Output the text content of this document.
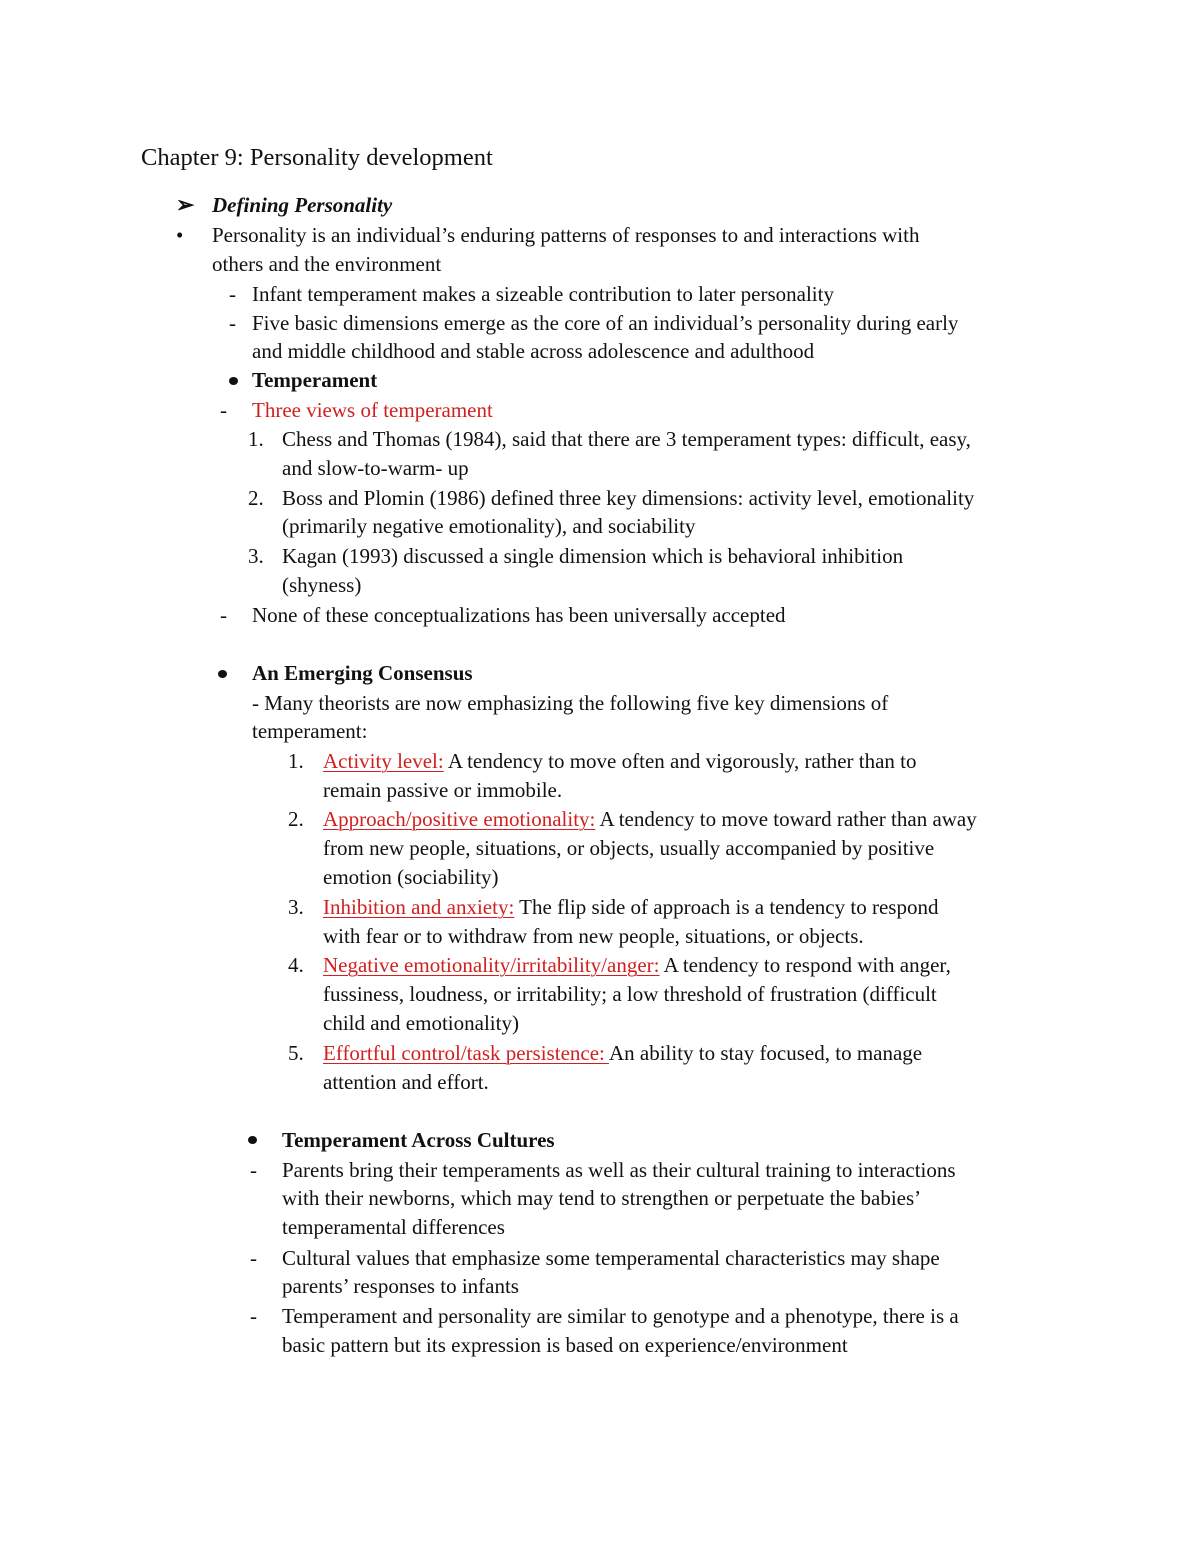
Chapter 9: Personality development
➢ Defining Personality
• Personality is an individual’s enduring patterns of responses to and interactions with
others and the environment
- Infant temperament makes a sizeable contribution to later personality
- Five basic dimensions emerge as the core of an individual’s personality during early
and middle childhood and stable across adolescence and adulthood
Temperament
- Three views of temperament
1. Chess and Thomas (1984), said that there are 3 temperament types: difficult, easy,
and slow-to-warm- up
2. Boss and Plomin (1986) defined three key dimensions: activity level, emotionality
(primarily negative emotionality), and sociability
3. Kagan (1993) discussed a single dimension which is behavioral inhibition
(shyness)
- None of these conceptualizations has been universally accepted
An Emerging Consensus
- Many theorists are now emphasizing the following five key dimensions of
temperament:
1. Activity level: A tendency to move often and vigorously, rather than to
remain passive or immobile.
2. Approach/positive emotionality: A tendency to move toward rather than away
from new people, situations, or objects, usually accompanied by positive
emotion (sociability)
3. Inhibition and anxiety: The flip side of approach is a tendency to respond
with fear or to withdraw from new people, situations, or objects.
4. Negative emotionality/irritability/anger: A tendency to respond with anger,
fussiness, loudness, or irritability; a low threshold of frustration (difficult
child and emotionality)
5. Effortful control/task persistence: An ability to stay focused, to manage
attention and effort.
Temperament Across Cultures
- Parents bring their temperaments as well as their cultural training to interactions
with their newborns, which may tend to strengthen or perpetuate the babies’
temperamental differences
- Cultural values that emphasize some temperamental characteristics may shape
parents’ responses to infants
- Temperament and personality are similar to genotype and a phenotype, there is a
basic pattern but its expression is based on experience/environment
